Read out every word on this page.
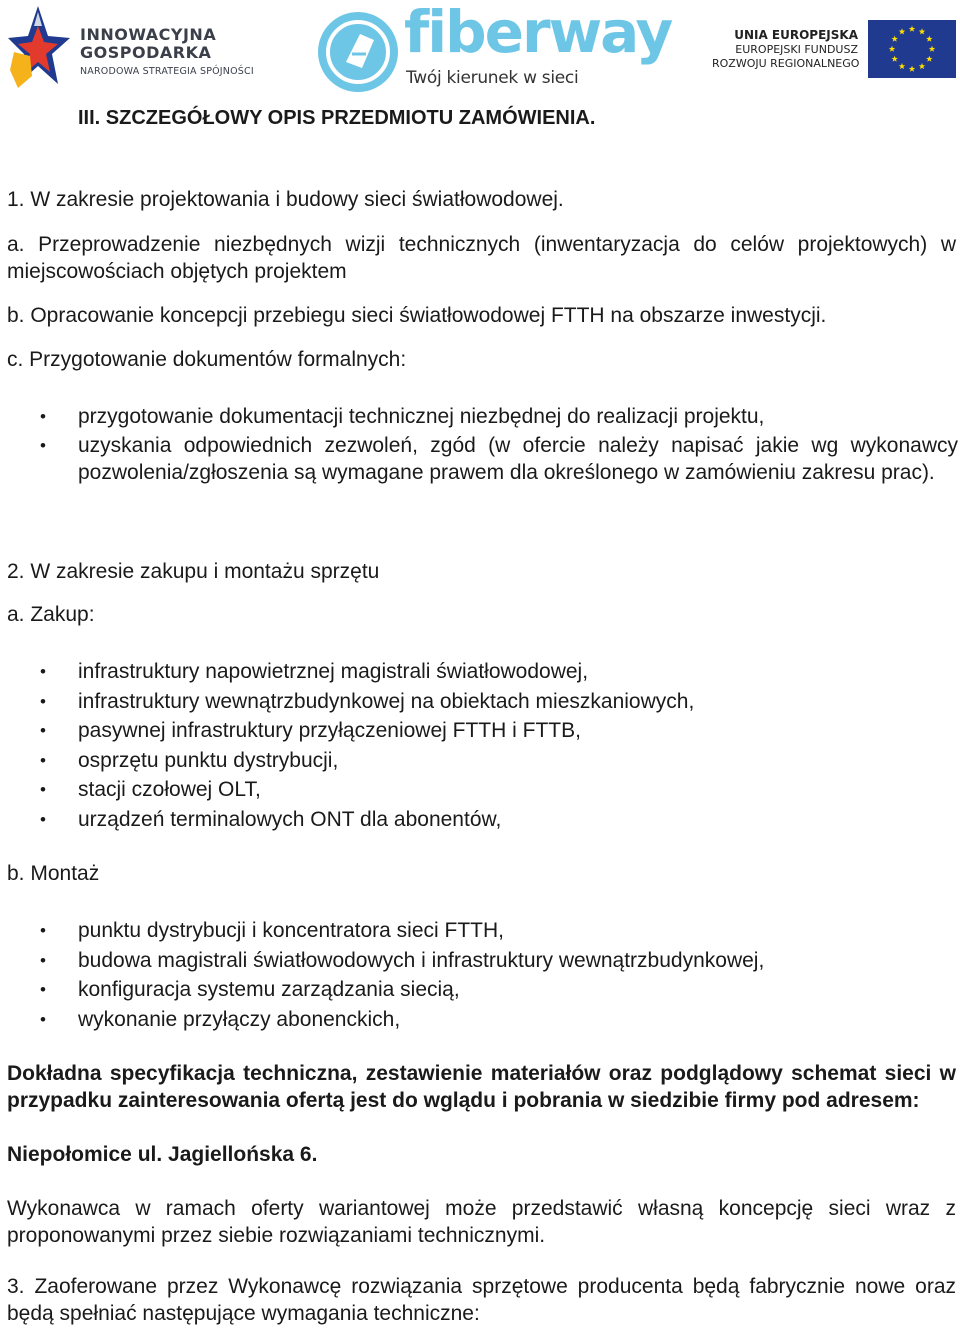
INNOWACYJNA
GOSPODARKA
NARODOWA STRATEGIA SPÓJNOŚCI
fiberway
Twój kierunek w sieci
UNIA EUROPEJSKA
EUROPEJSKI FUNDUSZ
ROZWOJU REGIONALNEGO

III. SZCZEGÓŁOWY OPIS PRZEDMIOTU ZAMÓWIENIA.

1. W zakresie projektowania i budowy sieci światłowodowej.

a. Przeprowadzenie niezbędnych wizji technicznych (inwentaryzacja do celów projektowych) w miejscowościach objętych projektem

b. Opracowanie koncepcji przebiegu sieci światłowodowej FTTH na obszarze inwestycji.

c. Przygotowanie dokumentów formalnych:

• przygotowanie dokumentacji technicznej niezbędnej do realizacji projektu,
• uzyskania odpowiednich zezwoleń, zgód (w ofercie należy napisać jakie wg wykonawcy pozwolenia/zgłoszenia są wymagane prawem dla określonego w zamówieniu zakresu prac).

2. W zakresie zakupu i montażu sprzętu

a. Zakup:

• infrastruktury napowietrznej magistrali światłowodowej,
• infrastruktury wewnątrzbudynkowej na obiektach mieszkaniowych,
• pasywnej infrastruktury przyłączeniowej FTTH i FTTB,
• osprzętu punktu dystrybucji,
• stacji czołowej OLT,
• urządzeń terminalowych ONT dla abonentów,

b. Montaż

• punktu dystrybucji i koncentratora sieci FTTH,
• budowa magistrali światłowodowych i infrastruktury wewnątrzbudynkowej,
• konfiguracja systemu zarządzania siecią,
• wykonanie przyłączy abonenckich,

Dokładna specyfikacja techniczna, zestawienie materiałów oraz podglądowy schemat sieci w przypadku zainteresowania ofertą jest do wglądu i pobrania w siedzibie firmy pod adresem:

Niepołomice ul. Jagiellońska 6.

Wykonawca w ramach oferty wariantowej może przedstawić własną koncepcję sieci wraz z proponowanymi przez siebie rozwiązaniami technicznymi.

3. Zaoferowane przez Wykonawcę rozwiązania sprzętowe producenta będą fabrycznie nowe oraz będą spełniać następujące wymagania techniczne:
